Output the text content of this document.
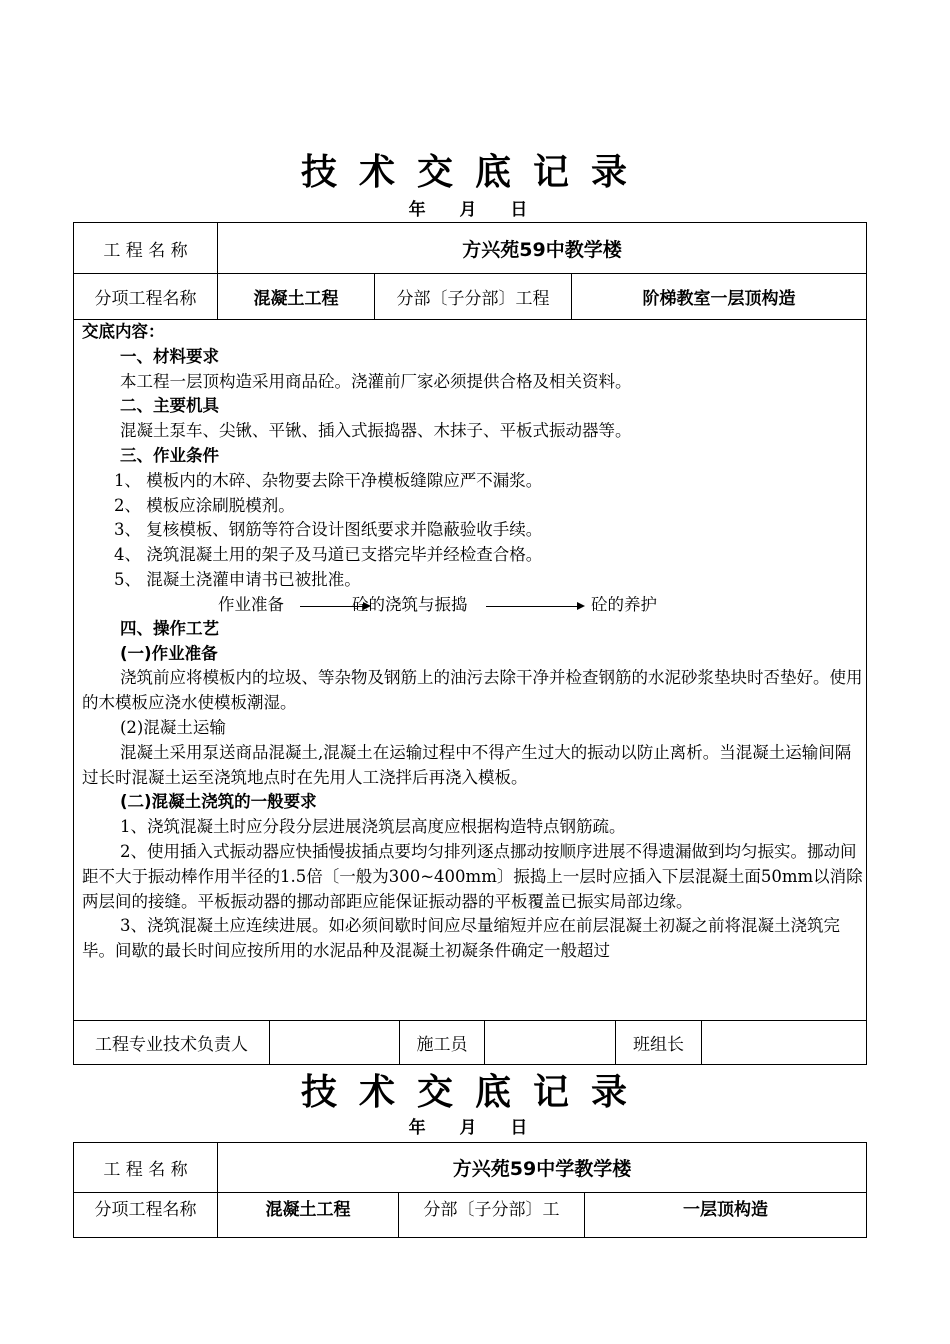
技术交底记录
年 月 日
工 程 名 称	方兴苑59中教学楼
分项工程名称	混凝土工程	分部〔子分部〕工程	阶梯教室一层顶构造
工程专业技术负责人	施工员	班组长

交底内容：

一、材料要求

本工程一层顶构造采用商品砼。浇灌前厂家必须提供合格及相关资料。

二、主要机具

混凝土泵车、尖锹、平锹、插入式振捣器、木抹子、平板式振动器等。

三、作业条件

1、 模板内的木碎、杂物要去除干净模板缝隙应严不漏浆。

2、 模板应涂刷脱模剂。

3、 复核模板、钢筋等符合设计图纸要求并隐蔽验收手续。

4、 浇筑混凝土用的架子及马道已支搭完毕并经检查合格。

5、 混凝土浇灌申请书已被批准。

作业准备	砼的浇筑与振捣	砼的养护

四、操作工艺

(一)作业准备

浇筑前应将模板内的垃圾、等杂物及钢筋上的油污去除干净并检查钢筋的水泥砂浆垫块时否垫好。使用的木模板应浇水使模板潮湿。

(2)混凝土运输

混凝土采用泵送商品混凝土,混凝土在运输过程中不得产生过大的振动以防止离析。当混凝土运输间隔 过长时混凝土运至浇筑地点时在先用人工浇拌后再浇入模板。

(二)混凝土浇筑的一般要求

1、浇筑混凝土时应分段分层进展浇筑层高度应根据构造特点钢筋疏。

2、使用插入式振动器应快插慢拔插点要均匀排列逐点挪动按顺序进展不得遗漏做到均匀振实。挪动间距不大于振动棒作用半径的1.5倍〔一般为300~400mm〕振捣上一层时应插入下层混凝土面50mm以消除两层间的接缝。平板振动器的挪动部距应能保证振动器的平板覆盖已振实局部边缘。

3、浇筑混凝土应连续进展。如必须间歇时间应尽量缩短并应在前层混凝土初凝之前将混凝土浇筑完毕。间歇的最长时间应按所用的水泥品种及混凝土初凝条件确定一般超过

技术交底记录
年 月 日
工 程 名 称	方兴苑59中学教学楼
分项工程名称	混凝土工程	分部〔子分部〕工	一层顶构造
